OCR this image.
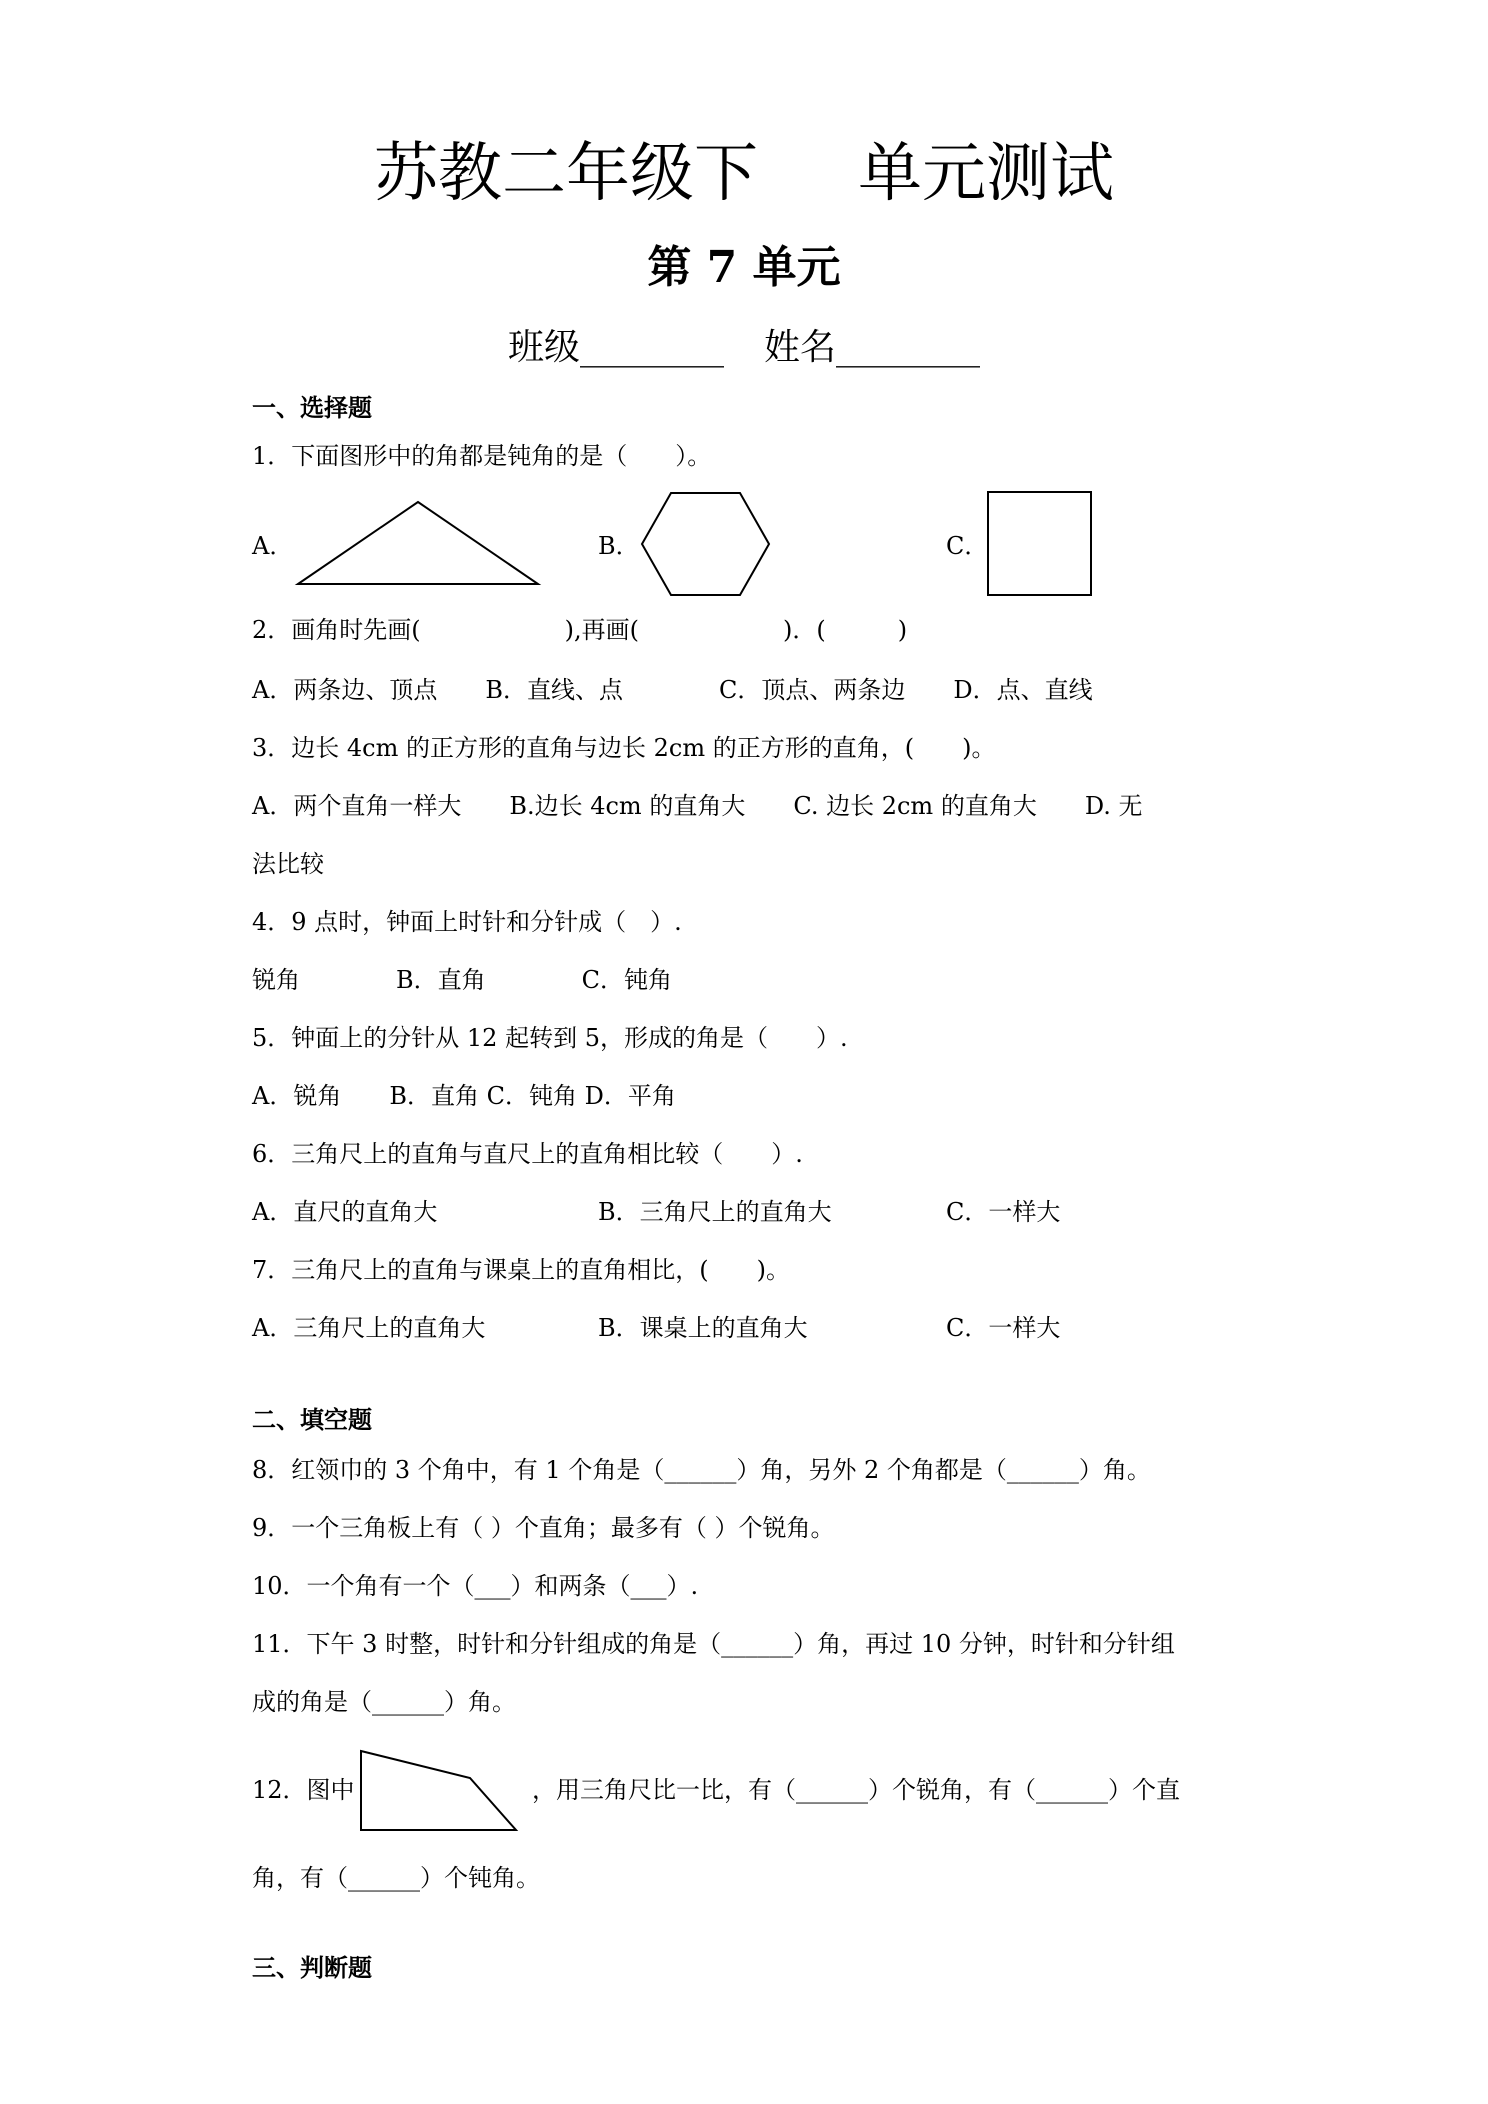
苏教二年级下 单元测试
第 7 单元
班级________ 姓名________
一、选择题
1．下面图形中的角都是钝角的是（　　）。
A．	B．	C．
2．画角时先画(　　　　　　),再画(　　　　　　)．(　　　)
A．两条边、顶点　　B．直线、点　　　　C．顶点、两条边　　D．点、直线
3．边长 4cm 的正方形的直角与边长 2cm 的正方形的直角，(　　)。
A．两个直角一样大　　B.边长 4cm 的直角大　　C. 边长 2cm 的直角大　　D. 无
法比较
4．9 点时，钟面上时针和分针成（　）.
锐角　　　　B．直角　　　　C．钝角
5．钟面上的分针从 12 起转到 5，形成的角是（　　）.
A．锐角　　B．直角 C．钝角 D．平角
6．三角尺上的直角与直尺上的直角相比较（　　）.
A．直尺的直角大	B．三角尺上的直角大	C．一样大
7．三角尺上的直角与课桌上的直角相比，(　　)。
A．三角尺上的直角大	B．课桌上的直角大	C．一样大
二、填空题
8．红领巾的 3 个角中，有 1 个角是（______）角，另外 2 个角都是（______）角。
9．一个三角板上有（ ）个直角；最多有（ ）个锐角。
10．一个角有一个（___）和两条（___）.
11．下午 3 时整，时针和分针组成的角是（______）角，再过 10 分钟，时针和分针组
成的角是（______）角。
12．图中	，用三角尺比一比，有（______）个锐角，有（______）个直
角，有（______）个钝角。
三、判断题
